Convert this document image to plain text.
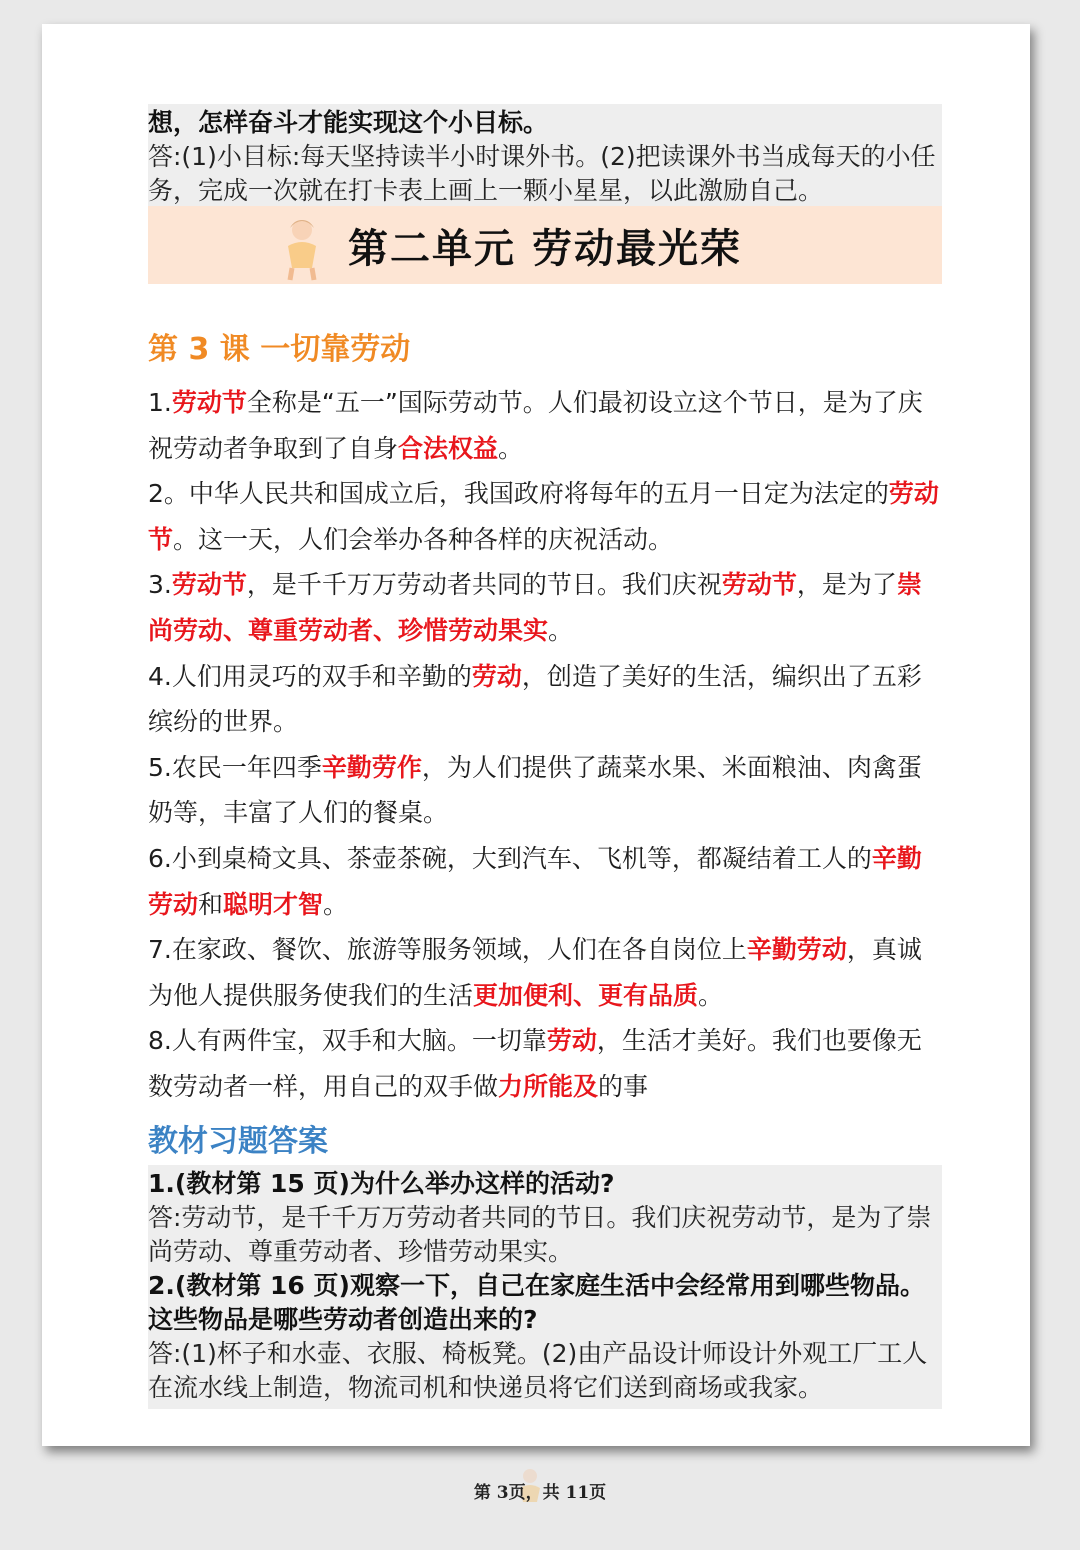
想，怎样奋斗才能实现这个小目标。
答:(1)小目标:每天坚持读半小时课外书。(2)把读课外书当成每天的小任务，完成一次就在打卡表上画上一颗小星星，以此激励自己。
第二单元 劳动最光荣
第 3 课 一切靠劳动

1.劳动节全称是“五一”国际劳动节。人们最初设立这个节日，是为了庆祝劳动者争取到了自身合法权益。

2。中华人民共和国成立后，我国政府将每年的五月一日定为法定的劳动节。这一天，人们会举办各种各样的庆祝活动。

3.劳动节，是千千万万劳动者共同的节日。我们庆祝劳动节，是为了崇尚劳动、尊重劳动者、珍惜劳动果实。

4.人们用灵巧的双手和辛勤的劳动，创造了美好的生活，编织出了五彩缤纷的世界。

5.农民一年四季辛勤劳作，为人们提供了蔬菜水果、米面粮油、肉禽蛋奶等，丰富了人们的餐桌。

6.小到桌椅文具、茶壶茶碗，大到汽车、飞机等，都凝结着工人的辛勤劳动和聪明才智。

7.在家政、餐饮、旅游等服务领域，人们在各自岗位上辛勤劳动，真诚为他人提供服务使我们的生活更加便利、更有品质。

8.人有两件宝，双手和大脑。一切靠劳动，生活才美好。我们也要像无数劳动者一样，用自己的双手做力所能及的事

教材习题答案
1.(教材第 15 页)为什么举办这样的活动?
答:劳动节，是千千万万劳动者共同的节日。我们庆祝劳动节，是为了崇尚劳动、尊重劳动者、珍惜劳动果实。
2.(教材第 16 页)观察一下，自己在家庭生活中会经常用到哪些物品。这些物品是哪些劳动者创造出来的?
答:(1)杯子和水壶、衣服、椅板凳。(2)由产品设计师设计外观工厂工人在流水线上制造，物流司机和快递员将它们送到商场或我家。
第 3页，共 11页
